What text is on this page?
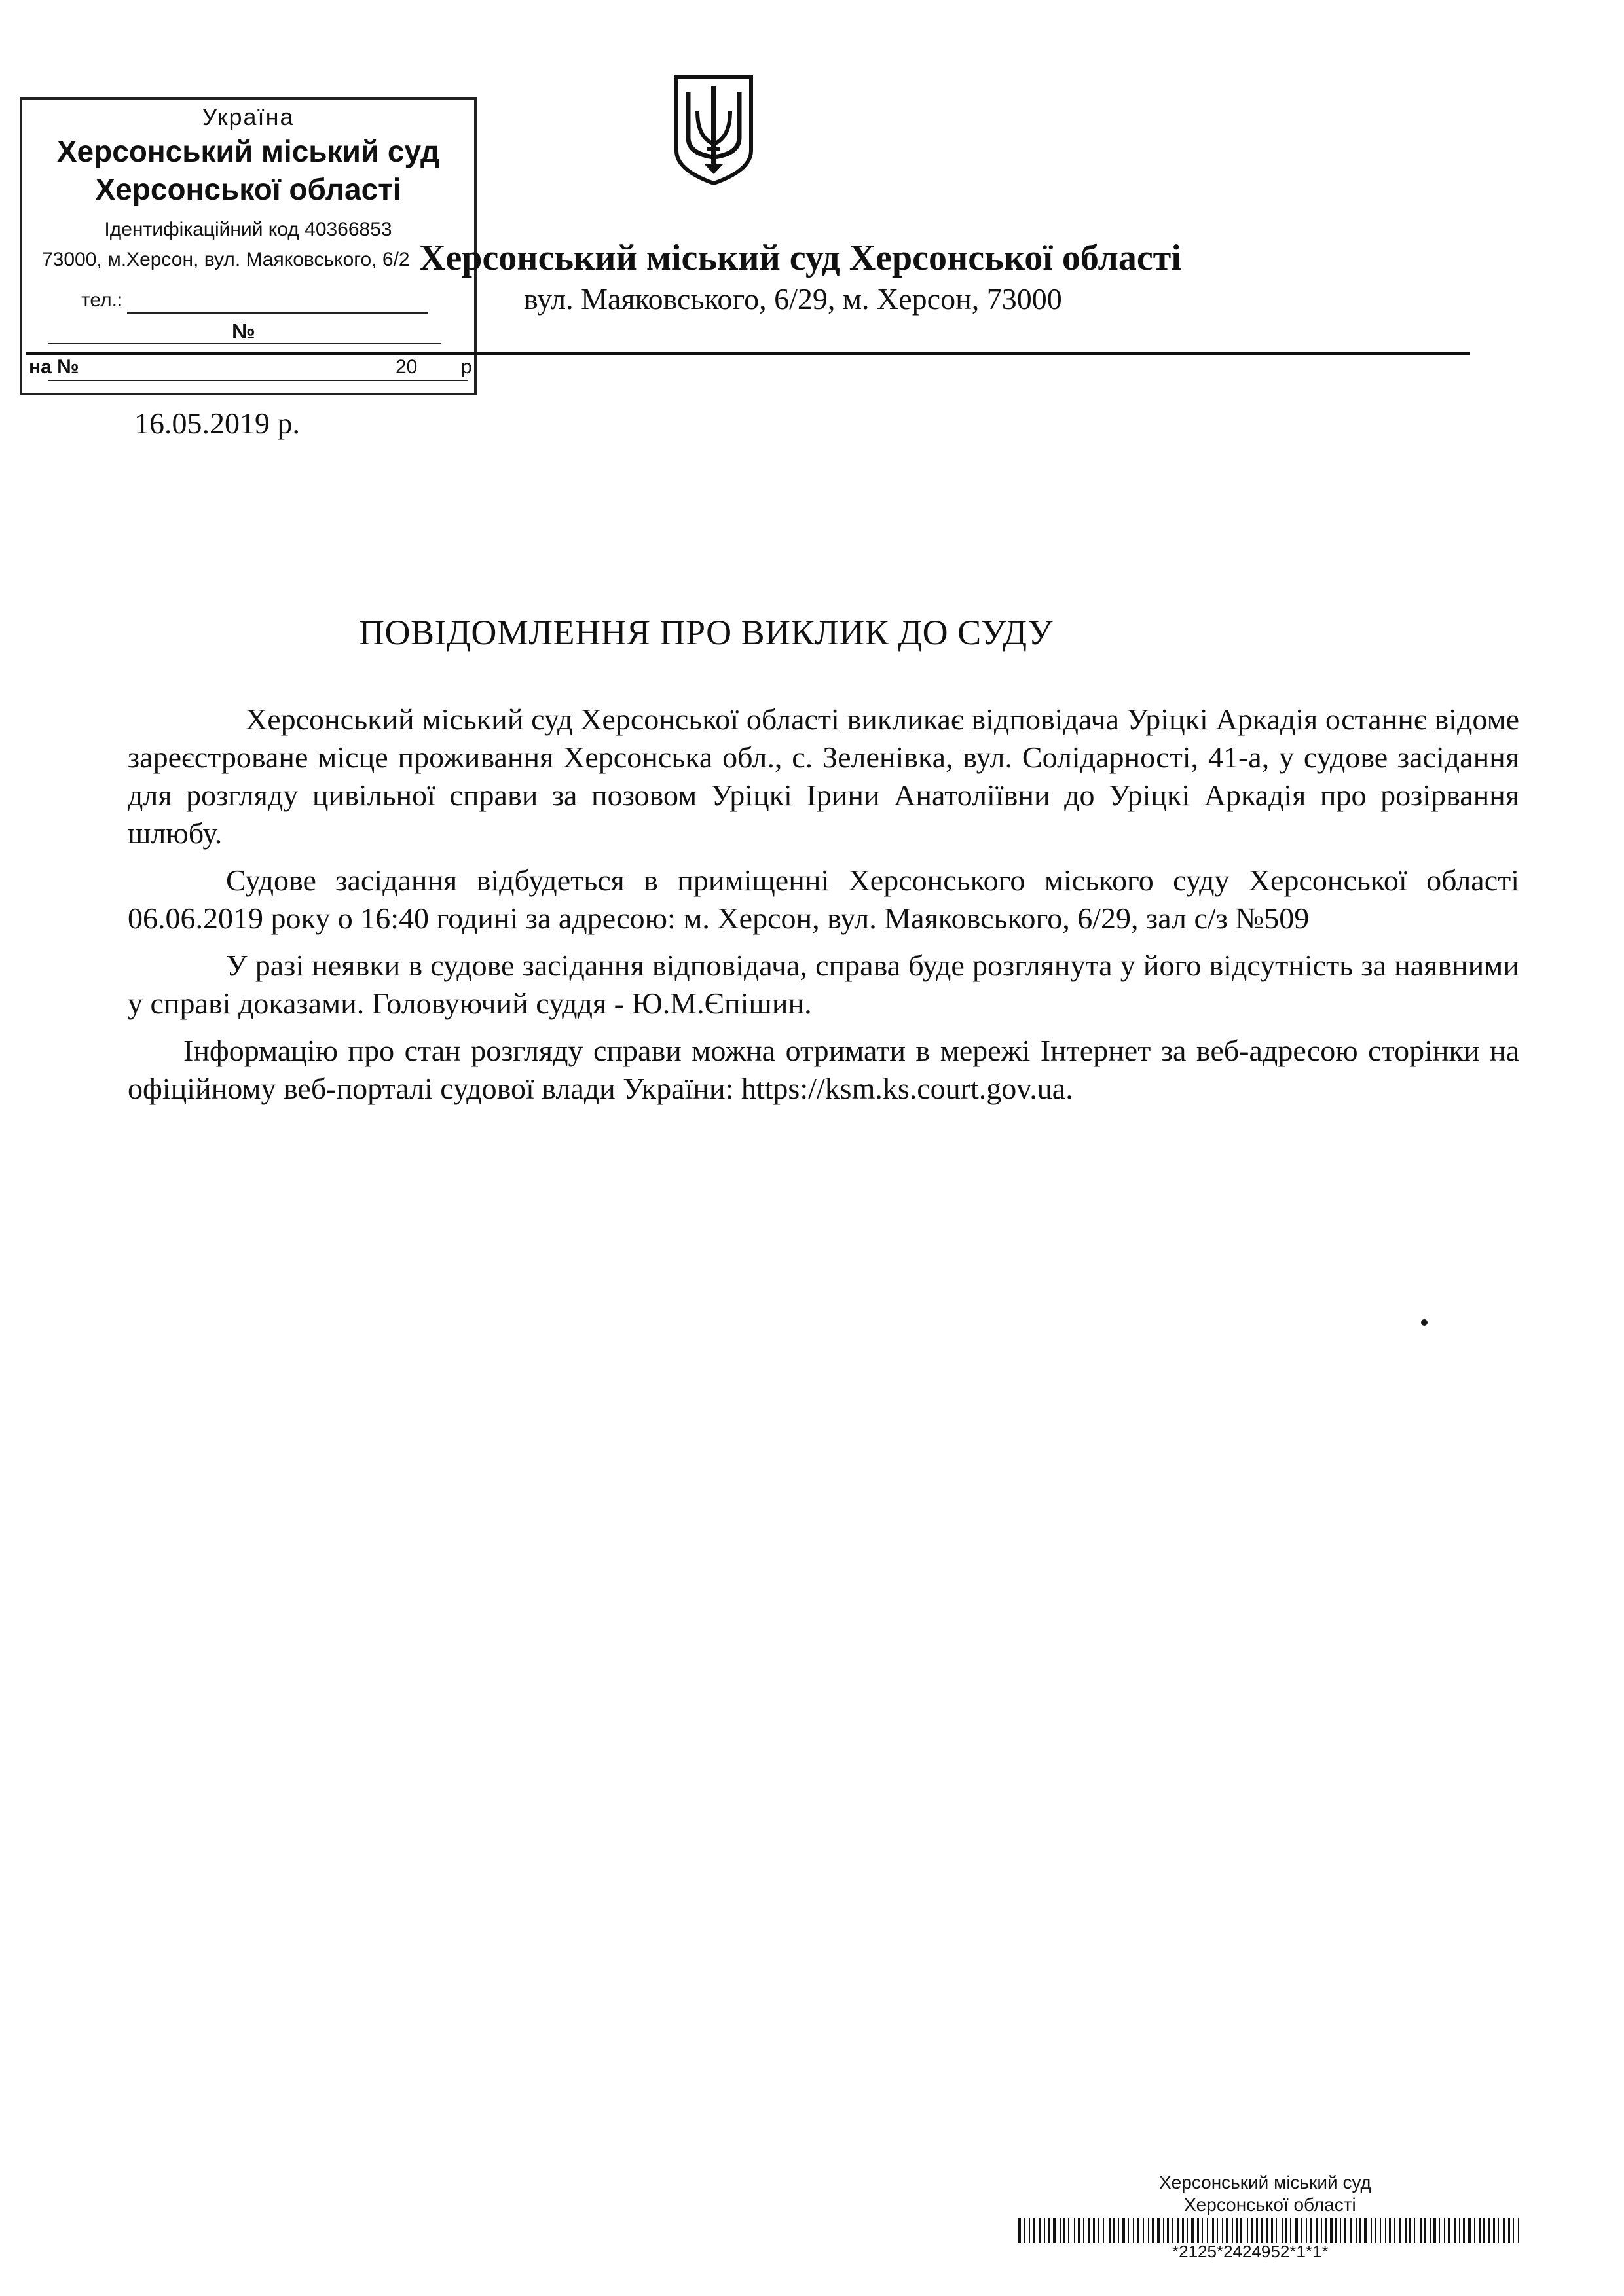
Україна
Херсонський міський суд
Херсонської області
Ідентифікаційний код 40366853
73000, м.Херсон, вул. Маяковського, 6/2
тел.:
№
на №	20 р
Херсонський міський суд Херсонської області
вул. Маяковського, 6/29, м. Херсон, 73000
16.05.2019 р.
ПОВІДОМЛЕННЯ ПРО ВИКЛИК ДО СУДУ

Херсонський міський суд Херсонської області викликає відповідача Уріцкі Аркадія останнє відоме зареєстроване місце проживання Херсонська обл., с. Зеленівка, вул. Солідарності, 41-а, у судове засідання для розгляду цивільної справи за позовом Уріцкі Ірини Анатоліївни до Уріцкі Аркадія про розірвання шлюбу.

Судове засідання відбудеться в приміщенні Херсонського міського суду Херсонської області 06.06.2019 року о 16:40 годині за адресою: м. Херсон, вул. Маяковського, 6/29, зал с/з №509

У разі неявки в судове засідання відповідача, справа буде розглянута у його відсутність за наявними у справі доказами. Головуючий суддя - Ю.М.Єпішин.

Інформацію про стан розгляду справи можна отримати в мережі Інтернет за веб-адресою сторінки на офіційному веб-порталі судової влади України: https://ksm.ks.court.gov.ua.

Херсонський міський суд
Херсонської області
*2125*2424952*1*1*
